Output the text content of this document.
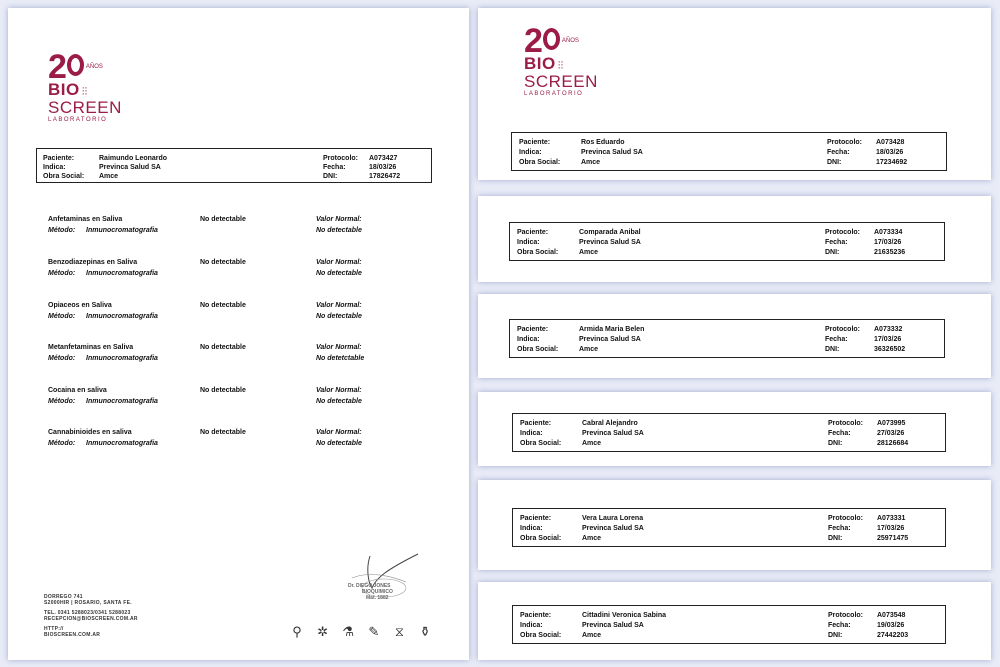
2	$^{AÑOS}$
BIO ⫶⫶
SCREEN
LABORATORIO
Paciente:	Raimundo Leonardo
Indica:	Previnca Salud SA
Obra Social: Amce
Protocolo: A073427
Fecha:	18/03/26
DNI:	17826472
Anfetaminas en Saliva	No detectable	Valor Normal:
Método: Inmunocromatografia	No detectable
Benzodiazepinas en Saliva	No detectable	Valor Normal:
Método: Inmunocromatografia	No detectable
Opiaceos en Saliva	No detectable	Valor Normal:
Método: Inmunocromatografia	No detectable
Metanfetaminas en Saliva	No detectable	Valor Normal:
Método: Inmunocromatografia	No detetctable
Cocaina en saliva	No detectable	Valor Normal:
Método: Inmunocromatografia	No detectable
Cannabinioides en saliva	No detectable	Valor Normal:
Método: Inmunocromatografia	No detectable
Dr. DIEGO JONES
BIOQUIMICO
Mat. 1882
DORREGO 741
S2000HIR | ROSARIO, SANTA FE.
TEL. 0341 5288023/0341 5288023
RECEPCION@BIOSCREEN.COM.AR
HTTP://
BIOSCREEN.COM.AR	⚲ ✲ ⚗ ✎ ⧖ ⚱
2	$^{AÑOS}$
BIO ⫶⫶
SCREEN
LABORATORIO
Paciente:	Ros Eduardo
Indica:	Previnca Salud SA
Obra Social:	Amce
Protocolo: A073428
Fecha:	18/03/26
DNI:	17234692
Paciente:	Comparada Anibal
Indica:	Previnca Salud SA
Obra Social:	Amce
Protocolo: A073334
Fecha:	17/03/26
DNI:	21635236
Paciente:	Armida Maria Belen
Indica:	Previnca Salud SA
Obra Social:	Amce
Protocolo: A073332
Fecha:	17/03/26
DNI:	36326502
Paciente:	Cabral Alejandro
Indica:	Previnca Salud SA
Obra Social:	Amce
Protocolo: A073995
Fecha:	27/03/26
DNI:	28126684
Paciente:	Vera Laura Lorena
Indica:	Previnca Salud SA
Obra Social:	Amce
Protocolo: A073331
Fecha:	17/03/26
DNI:	25971475
Paciente:	Cittadini Veronica Sabina
Indica:	Previnca Salud SA
Obra Social:	Amce
Protocolo: A073548
Fecha:	19/03/26
DNI:	27442203
